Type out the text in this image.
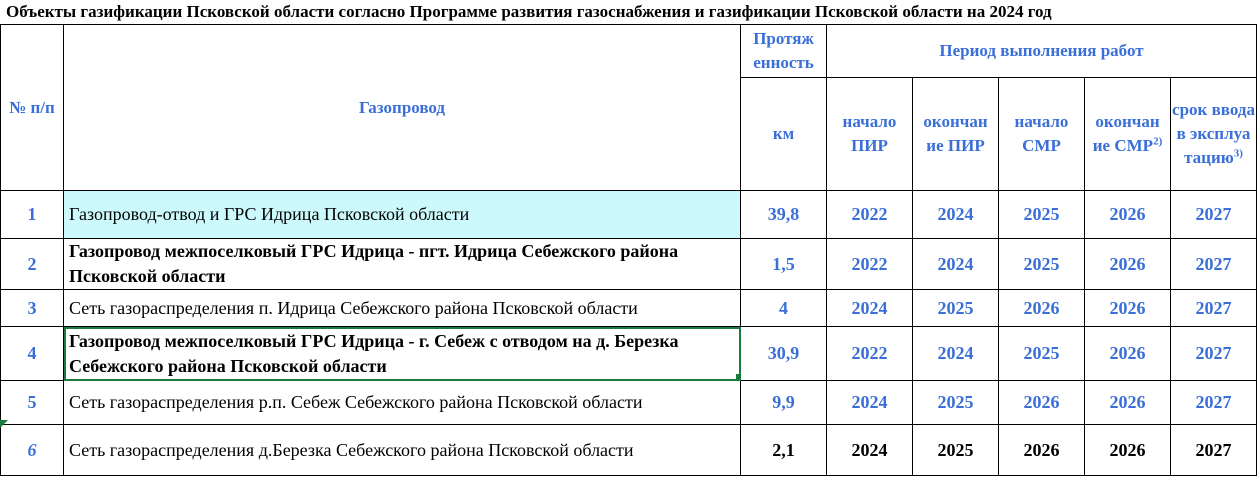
Объекты газификации Псковской области согласно Программе развития газоснабжения и газификации Псковской области на 2024 год
№ п/п	Газопровод	Протяж енность	Период выполнения работ				
		км	начало ПИР	окончан ие ПИР	начало СМР	окончан ие СМР$^{2)}$	срок ввода в эксплуа тацию$^{3)}$
1	Газопровод-отвод и ГРС Идрица Псковской области	39,8	2022	2024	2025	2026	2027
2	Газопровод межпоселковый ГРС Идрица - пгт. Идрица Себежского района Псковской области	1,5	2022	2024	2025	2026	2027
3	Сеть газораспределения п. Идрица Себежского района Псковской области	4	2024	2025	2026	2026	2027
4	Газопровод межпоселковый ГРС Идрица - г. Себеж с отводом на д. Березка Себежского района Псковской области	30,9	2022	2024	2025	2026	2027
5	Сеть газораспределения р.п. Себеж Себежского района Псковской области	9,9	2024	2025	2026	2026	2027
6	Сеть газораспределения д.Березка Себежского района Псковской области	2,1	2024	2025	2026	2026	2027
